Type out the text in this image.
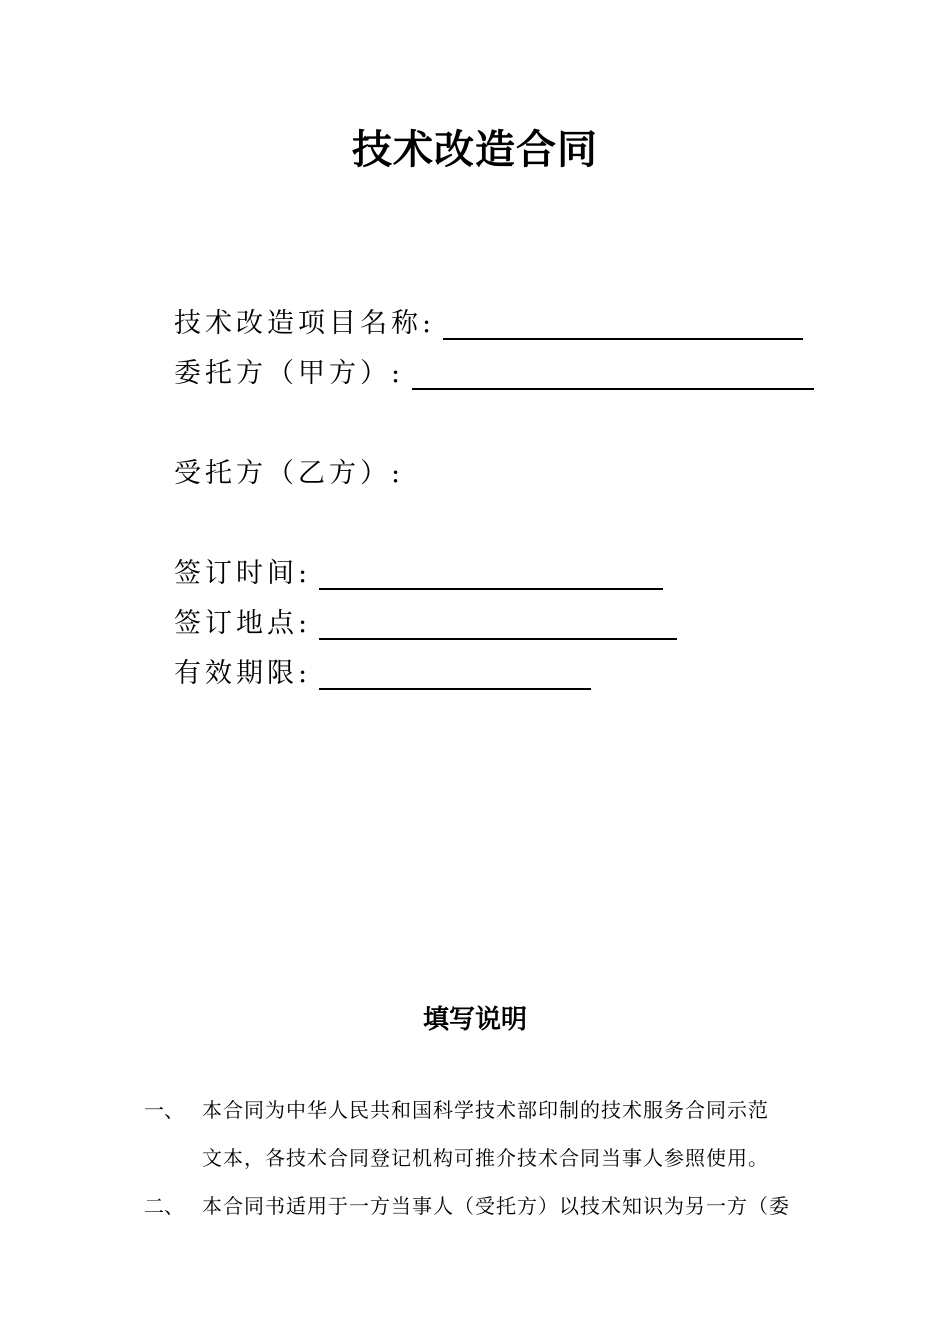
技术改造合同
技术改造项目名称:
委托方（甲方）:
受托方（乙方）:
签订时间:
签订地点:
有效期限:
填写说明
一、 本合同为中华人民共和国科学技术部印制的技术服务合同示范
文本，各技术合同登记机构可推介技术合同当事人参照使用。
二、 本合同书适用于一方当事人（受托方）以技术知识为另一方（委
